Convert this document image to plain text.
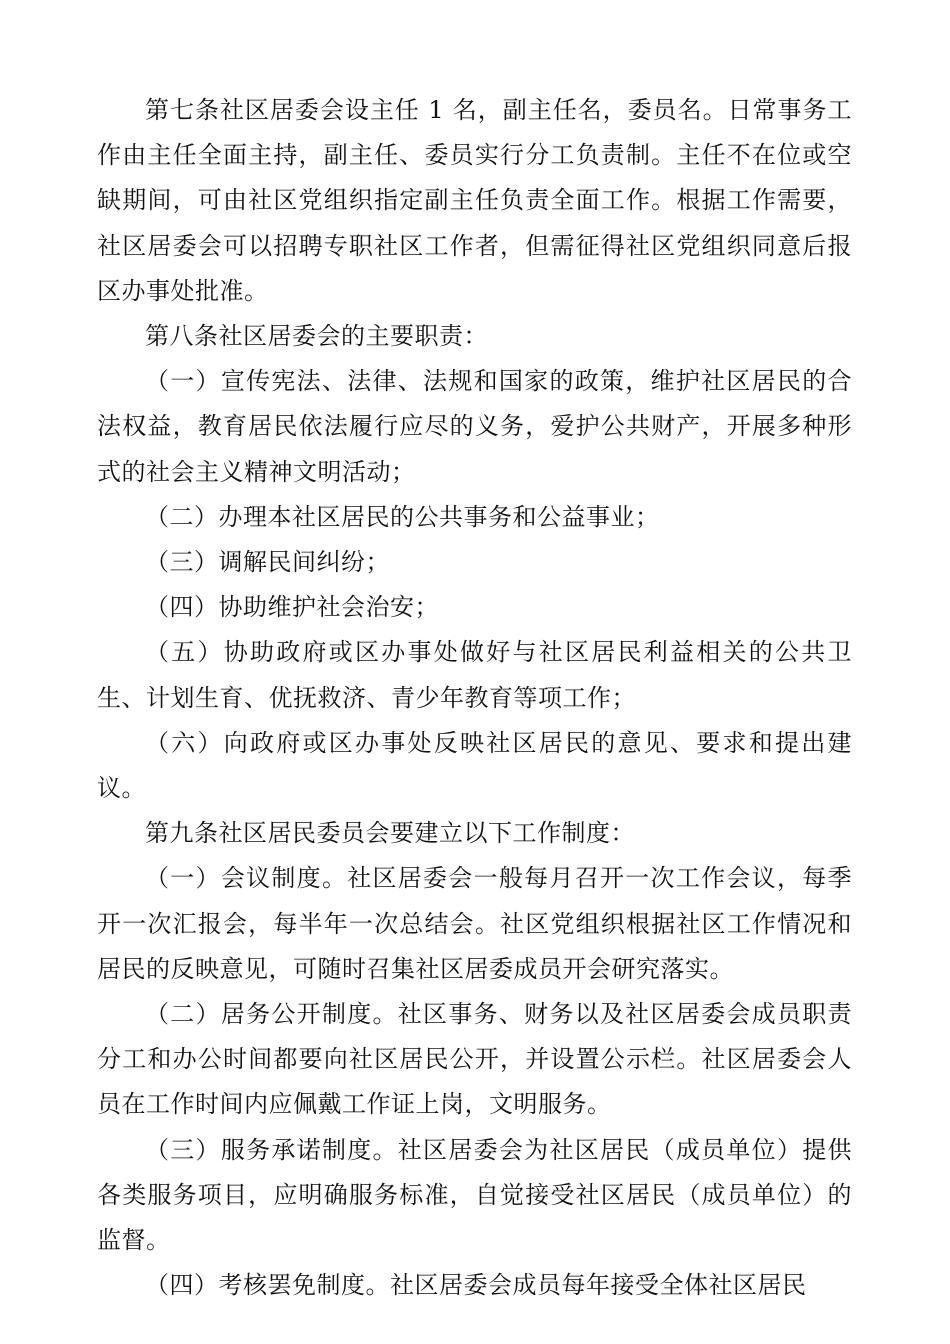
第七条社区居委会设主任 1 名，副主任名，委员名。日常事务工作由主任全面主持，副主任、委员实行分工负责制。主任不在位或空缺期间，可由社区党组织指定副主任负责全面工作。根据工作需要，社区居委会可以招聘专职社区工作者，但需征得社区党组织同意后报区办事处批准。

第八条社区居委会的主要职责：

（一）宣传宪法、法律、法规和国家的政策，维护社区居民的合法权益，教育居民依法履行应尽的义务，爱护公共财产，开展多种形式的社会主义精神文明活动；

（二）办理本社区居民的公共事务和公益事业；

（三）调解民间纠纷；

（四）协助维护社会治安；

（五）协助政府或区办事处做好与社区居民利益相关的公共卫生、计划生育、优抚救济、青少年教育等项工作；

（六）向政府或区办事处反映社区居民的意见、要求和提出建议。

第九条社区居民委员会要建立以下工作制度：

（一）会议制度。社区居委会一般每月召开一次工作会议，每季开一次汇报会，每半年一次总结会。社区党组织根据社区工作情况和居民的反映意见，可随时召集社区居委成员开会研究落实。

（二）居务公开制度。社区事务、财务以及社区居委会成员职责分工和办公时间都要向社区居民公开，并设置公示栏。社区居委会人员在工作时间内应佩戴工作证上岗，文明服务。

（三）服务承诺制度。社区居委会为社区居民（成员单位）提供各类服务项目，应明确服务标准，自觉接受社区居民（成员单位）的监督。

（四）考核罢免制度。社区居委会成员每年接受全体社区居民
